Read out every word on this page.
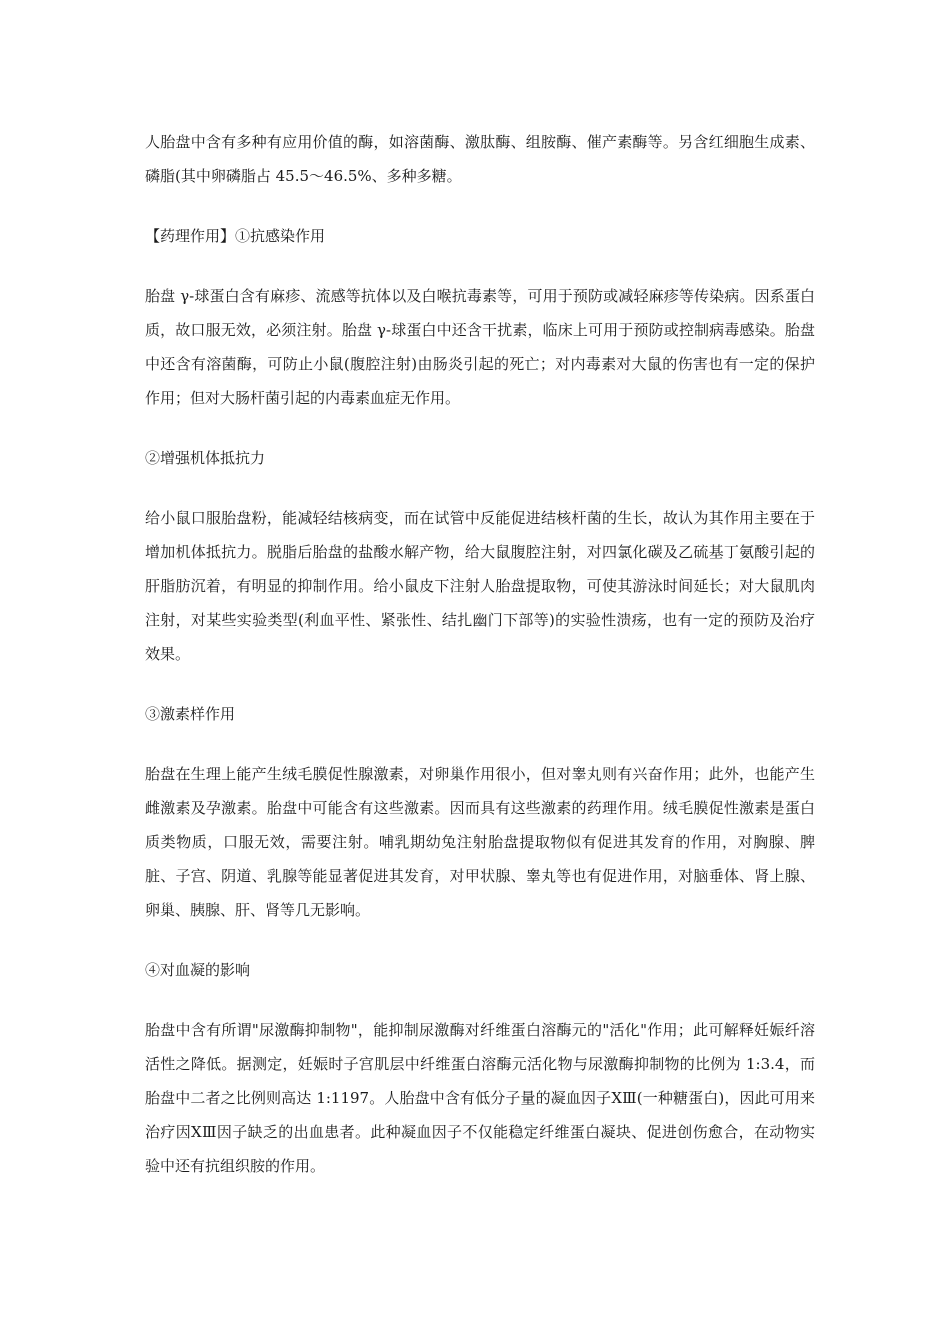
人胎盘中含有多种有应用价值的酶，如溶菌酶、激肽酶、组胺酶、催产素酶等。另含红细胞生成素、磷脂(其中卵磷脂占 45.5～46.5%、多种多糖。

【药理作用】①抗感染作用

胎盘 γ-球蛋白含有麻疹、流感等抗体以及白喉抗毒素等，可用于预防或减轻麻疹等传染病。因系蛋白质，故口服无效，必须注射。胎盘 γ-球蛋白中还含干扰素，临床上可用于预防或控制病毒感染。胎盘中还含有溶菌酶，可防止小鼠(腹腔注射)由肠炎引起的死亡；对内毒素对大鼠的伤害也有一定的保护作用；但对大肠杆菌引起的内毒素血症无作用。

②增强机体抵抗力

给小鼠口服胎盘粉，能减轻结核病变，而在试管中反能促进结核杆菌的生长，故认为其作用主要在于增加机体抵抗力。脱脂后胎盘的盐酸水解产物，给大鼠腹腔注射，对四氯化碳及乙硫基丁氨酸引起的肝脂肪沉着，有明显的抑制作用。给小鼠皮下注射人胎盘提取物，可使其游泳时间延长；对大鼠肌肉注射，对某些实验类型(利血平性、紧张性、结扎幽门下部等)的实验性溃疡，也有一定的预防及治疗效果。

③激素样作用

胎盘在生理上能产生绒毛膜促性腺激素，对卵巢作用很小，但对睾丸则有兴奋作用；此外，也能产生雌激素及孕激素。胎盘中可能含有这些激素。因而具有这些激素的药理作用。绒毛膜促性激素是蛋白质类物质，口服无效，需要注射。哺乳期幼兔注射胎盘提取物似有促进其发育的作用，对胸腺、脾脏、子宫、阴道、乳腺等能显著促进其发育，对甲状腺、睾丸等也有促进作用，对脑垂体、肾上腺、卵巢、胰腺、肝、肾等几无影响。

④对血凝的影响

胎盘中含有所谓"尿激酶抑制物"，能抑制尿激酶对纤维蛋白溶酶元的"活化"作用；此可解释妊娠纤溶活性之降低。据测定，妊娠时子宫肌层中纤维蛋白溶酶元活化物与尿激酶抑制物的比例为 1:3.4，而胎盘中二者之比例则高达 1:1197。人胎盘中含有低分子量的凝血因子ⅩⅢ(一种糖蛋白)，因此可用来治疗因ⅩⅢ因子缺乏的出血患者。此种凝血因子不仅能稳定纤维蛋白凝块、促进创伤愈合，在动物实验中还有抗组织胺的作用。
